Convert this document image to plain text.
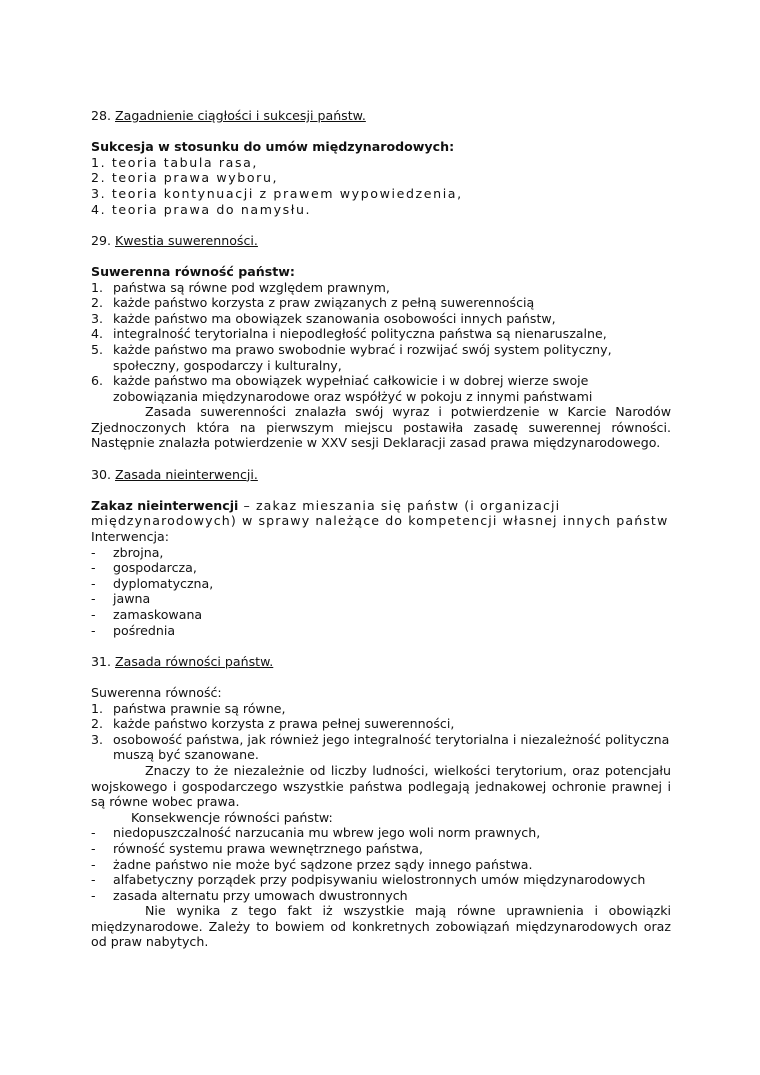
28. Zagadnienie ciągłości i sukcesji państw.
Sukcesja w stosunku do umów międzynarodowych:
1. teoria tabula rasa,
2. teoria prawa wyboru,
3. teoria kontynuacji z prawem wypowiedzenia,
4. teoria prawa do namysłu.
29. Kwestia suwerenności.
Suwerenna równość państw:
1. państwa są równe pod względem prawnym,
2. każde państwo korzysta z praw związanych z pełną suwerennością
3. każde państwo ma obowiązek szanowania osobowości innych państw,
4. integralność terytorialna i niepodległość polityczna państwa są nienaruszalne,
5. każde państwo ma prawo swobodnie wybrać i rozwijać swój system polityczny, społeczny, gospodarczy i kulturalny,
6. każde państwo ma obowiązek wypełniać całkowicie i w dobrej wierze swoje zobowiązania międzynarodowe oraz współżyć w pokoju z innymi państwami
Zasada suwerenności znalazła swój wyraz i potwierdzenie w Karcie Narodów Zjednoczonych która na pierwszym miejscu postawiła zasadę suwerennej równości. Następnie znalazła potwierdzenie w XXV sesji Deklaracji zasad prawa międzynarodowego.
30. Zasada nieinterwencji.
Zakaz nieinterwencji – zakaz mieszania się państw (i organizacji międzynarodowych) w sprawy należące do kompetencji własnej innych państw
Interwencja:
- zbrojna,
- gospodarcza,
- dyplomatyczna,
- jawna
- zamaskowana
- pośrednia
31. Zasada równości państw.
Suwerenna równość:
1. państwa prawnie są równe,
2. każde państwo korzysta z prawa pełnej suwerenności,
3. osobowość państwa, jak również jego integralność terytorialna i niezależność polityczna muszą być szanowane.
Znaczy to że niezależnie od liczby ludności, wielkości terytorium, oraz potencjału wojskowego i gospodarczego wszystkie państwa podlegają jednakowej ochronie prawnej i są równe wobec prawa.
Konsekwencje równości państw:
- niedopuszczalność narzucania mu wbrew jego woli norm prawnych,
- równość systemu prawa wewnętrznego państwa,
- żadne państwo nie może być sądzone przez sądy innego państwa.
- alfabetyczny porządek przy podpisywaniu wielostronnych umów międzynarodowych
- zasada alternatu przy umowach dwustronnych
Nie wynika z tego fakt iż wszystkie mają równe uprawnienia i obowiązki międzynarodowe. Zależy to bowiem od konkretnych zobowiązań międzynarodowych oraz od praw nabytych.
